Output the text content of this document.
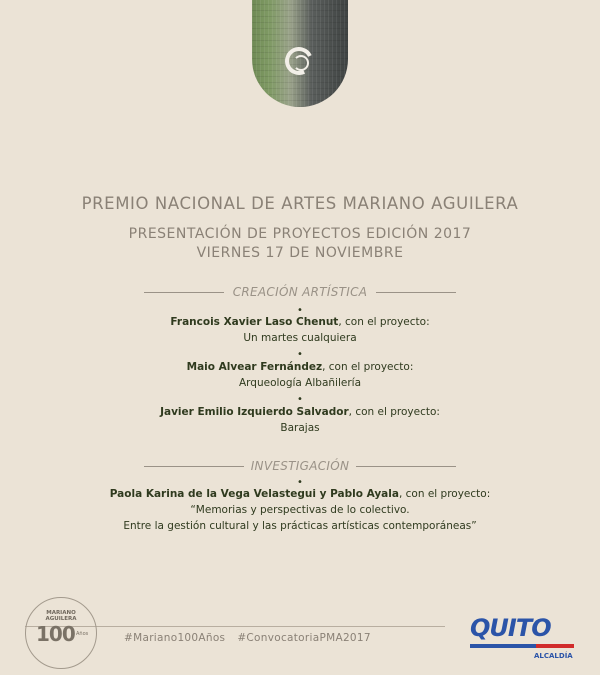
PREMIO NACIONAL DE ARTES MARIANO AGUILERA
PRESENTACIÓN DE PROYECTOS EDICIÓN 2017
VIERNES 17 DE NOVIEMBRE
CREACIÓN ARTÍSTICA
•
Francois Xavier Laso Chenut, con el proyecto:
Un martes cualquiera
•
Maio Alvear Fernández, con el proyecto:
Arqueología Albañilería
•
Javier Emilio Izquierdo Salvador, con el proyecto:
Barajas
INVESTIGACIÓN
•
Paola Karina de la Vega Velastegui y Pablo Ayala, con el proyecto:
“Memorias y perspectivas de lo colectivo.
Entre la gestión cultural y las prácticas artísticas contemporáneas”
MARIANO
AGUILERA
100 Años	#Mariano100Años #ConvocatoriaPMA2017	QUITO
ALCALDÍA
